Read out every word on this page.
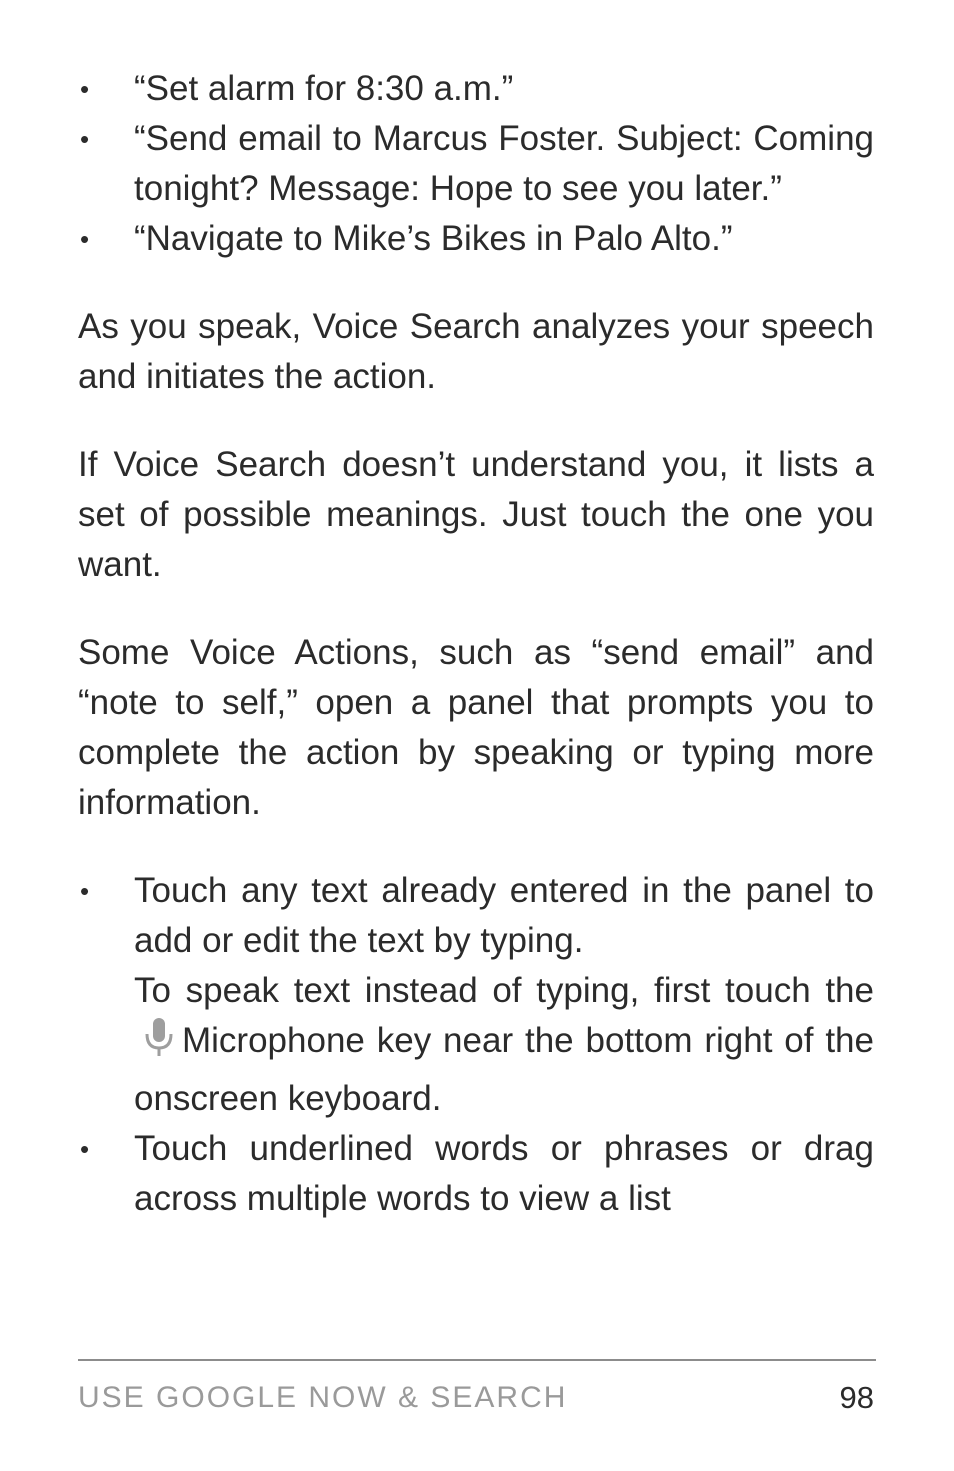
•	“Set alarm for 8:30 a.m.”
•	“Send email to Marcus Foster. Subject: Coming tonight? Message: Hope to see you later.”
•	“Navigate to Mike’s Bikes in Palo Alto.”

As you speak, Voice Search analyzes your speech and initiates the action.

If Voice Search doesn’t understand you, it lists a set of possible meanings. Just touch the one you want.

Some Voice Actions, such as “send email” and “note to self,” open a panel that prompts you to complete the action by speaking or typing more information.

•	Touch any text already entered in the panel to add or edit the text by typing.
To speak text instead of typing, first touch theMicrophone key near the bottom right of the onscreen keyboard.
•	Touch underlined words or phrases or drag across multiple words to view a list
USE GOOGLE NOW & SEARCH	98
